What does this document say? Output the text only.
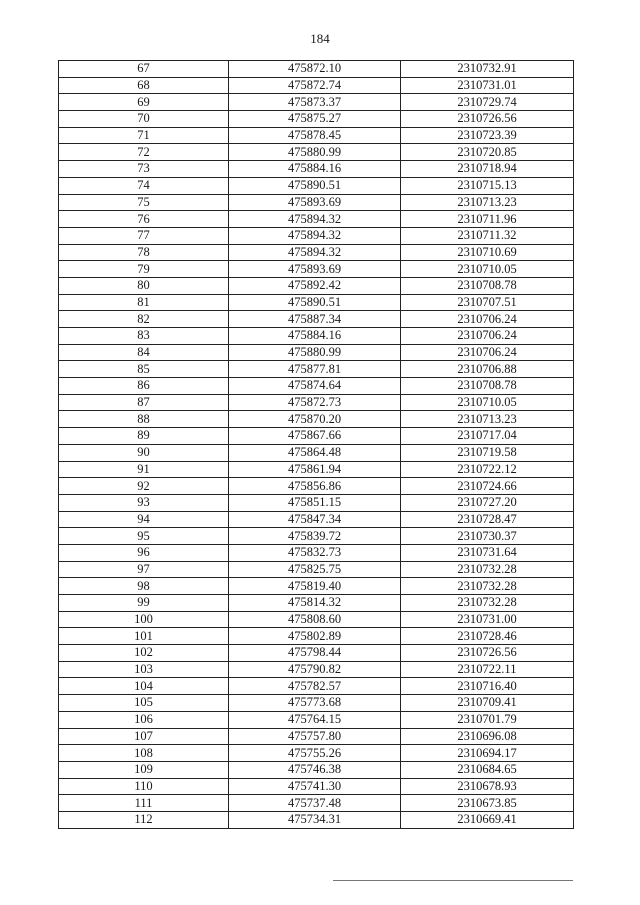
184
67	475872.10	2310732.91
68	475872.74	2310731.01
69	475873.37	2310729.74
70	475875.27	2310726.56
71	475878.45	2310723.39
72	475880.99	2310720.85
73	475884.16	2310718.94
74	475890.51	2310715.13
75	475893.69	2310713.23
76	475894.32	2310711.96
77	475894.32	2310711.32
78	475894.32	2310710.69
79	475893.69	2310710.05
80	475892.42	2310708.78
81	475890.51	2310707.51
82	475887.34	2310706.24
83	475884.16	2310706.24
84	475880.99	2310706.24
85	475877.81	2310706.88
86	475874.64	2310708.78
87	475872.73	2310710.05
88	475870.20	2310713.23
89	475867.66	2310717.04
90	475864.48	2310719.58
91	475861.94	2310722.12
92	475856.86	2310724.66
93	475851.15	2310727.20
94	475847.34	2310728.47
95	475839.72	2310730.37
96	475832.73	2310731.64
97	475825.75	2310732.28
98	475819.40	2310732.28
99	475814.32	2310732.28
100	475808.60	2310731.00
101	475802.89	2310728.46
102	475798.44	2310726.56
103	475790.82	2310722.11
104	475782.57	2310716.40
105	475773.68	2310709.41
106	475764.15	2310701.79
107	475757.80	2310696.08
108	475755.26	2310694.17
109	475746.38	2310684.65
110	475741.30	2310678.93
111	475737.48	2310673.85
112	475734.31	2310669.41
